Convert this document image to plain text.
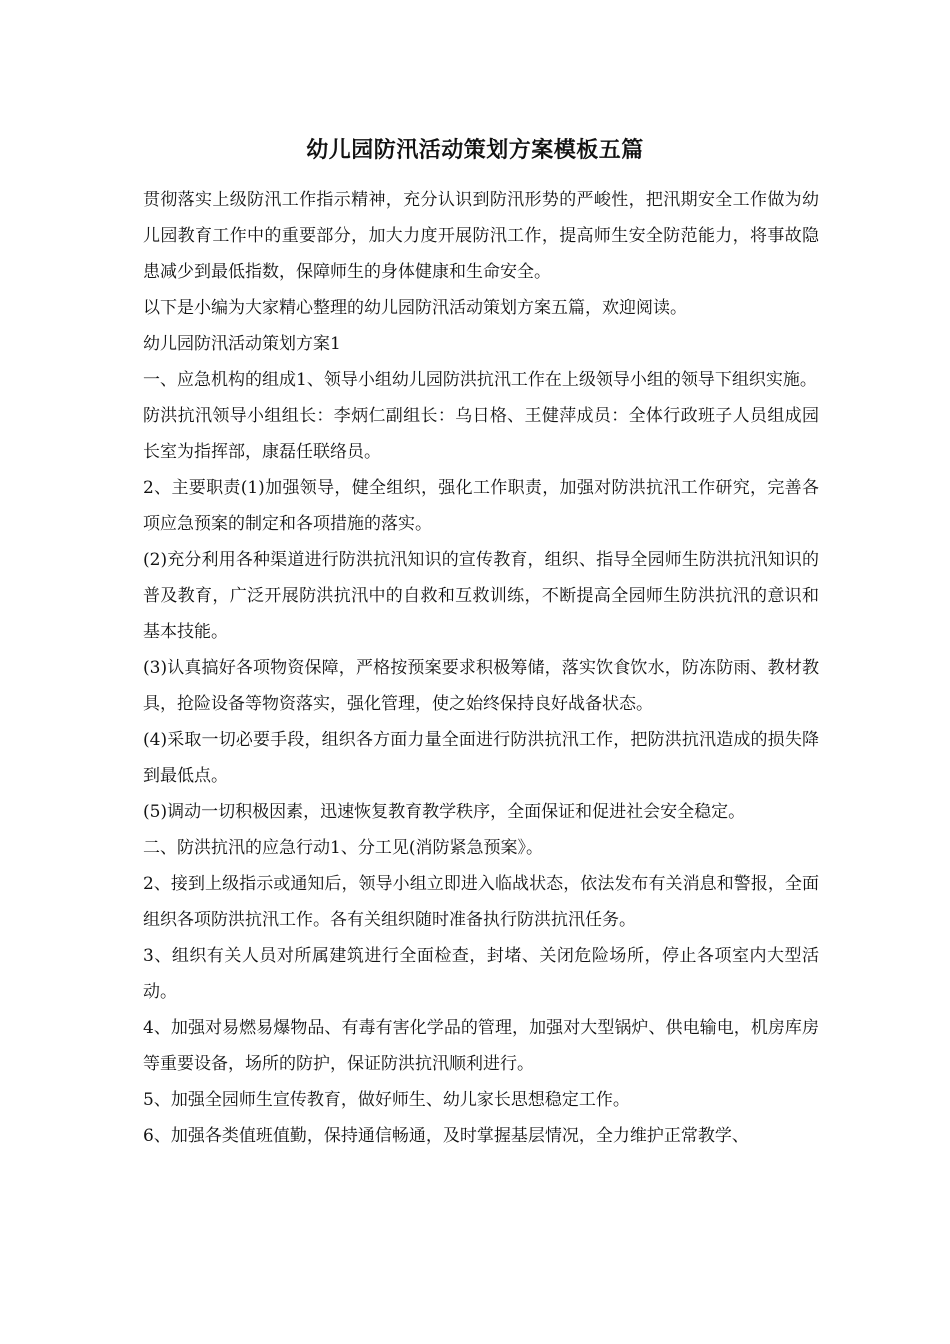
幼儿园防汛活动策划方案模板五篇

贯彻落实上级防汛工作指示精神，充分认识到防汛形势的严峻性，把汛期安全工作做为幼儿园教育工作中的重要部分，加大力度开展防汛工作，提高师生安全防范能力，将事故隐患减少到最低指数，保障师生的身体健康和生命安全。

以下是小编为大家精心整理的幼儿园防汛活动策划方案五篇，欢迎阅读。

幼儿园防汛活动策划方案1

一、应急机构的组成1、领导小组幼儿园防洪抗汛工作在上级领导小组的领导下组织实施。

防洪抗汛领导小组组长：李炳仁副组长：乌日格、王健萍成员：全体行政班子人员组成园长室为指挥部，康磊任联络员。

2、主要职责(1)加强领导，健全组织，强化工作职责，加强对防洪抗汛工作研究，完善各项应急预案的制定和各项措施的落实。

(2)充分利用各种渠道进行防洪抗汛知识的宣传教育，组织、指导全园师生防洪抗汛知识的普及教育，广泛开展防洪抗汛中的自救和互救训练，不断提高全园师生防洪抗汛的意识和基本技能。

(3)认真搞好各项物资保障，严格按预案要求积极筹储，落实饮食饮水，防冻防雨、教材教具，抢险设备等物资落实，强化管理，使之始终保持良好战备状态。

(4)采取一切必要手段，组织各方面力量全面进行防洪抗汛工作，把防洪抗汛造成的损失降到最低点。

(5)调动一切积极因素，迅速恢复教育教学秩序，全面保证和促进社会安全稳定。

二、防洪抗汛的应急行动1、分工见(消防紧急预案》。

2、接到上级指示或通知后，领导小组立即进入临战状态，依法发布有关消息和警报，全面组织各项防洪抗汛工作。各有关组织随时准备执行防洪抗汛任务。

3、组织有关人员对所属建筑进行全面检查，封堵、关闭危险场所，停止各项室内大型活动。

4、加强对易燃易爆物品、有毒有害化学品的管理，加强对大型锅炉、供电输电，机房库房等重要设备，场所的防护，保证防洪抗汛顺利进行。

5、加强全园师生宣传教育，做好师生、幼儿家长思想稳定工作。

6、加强各类值班值勤，保持通信畅通，及时掌握基层情况，全力维护正常教学、
